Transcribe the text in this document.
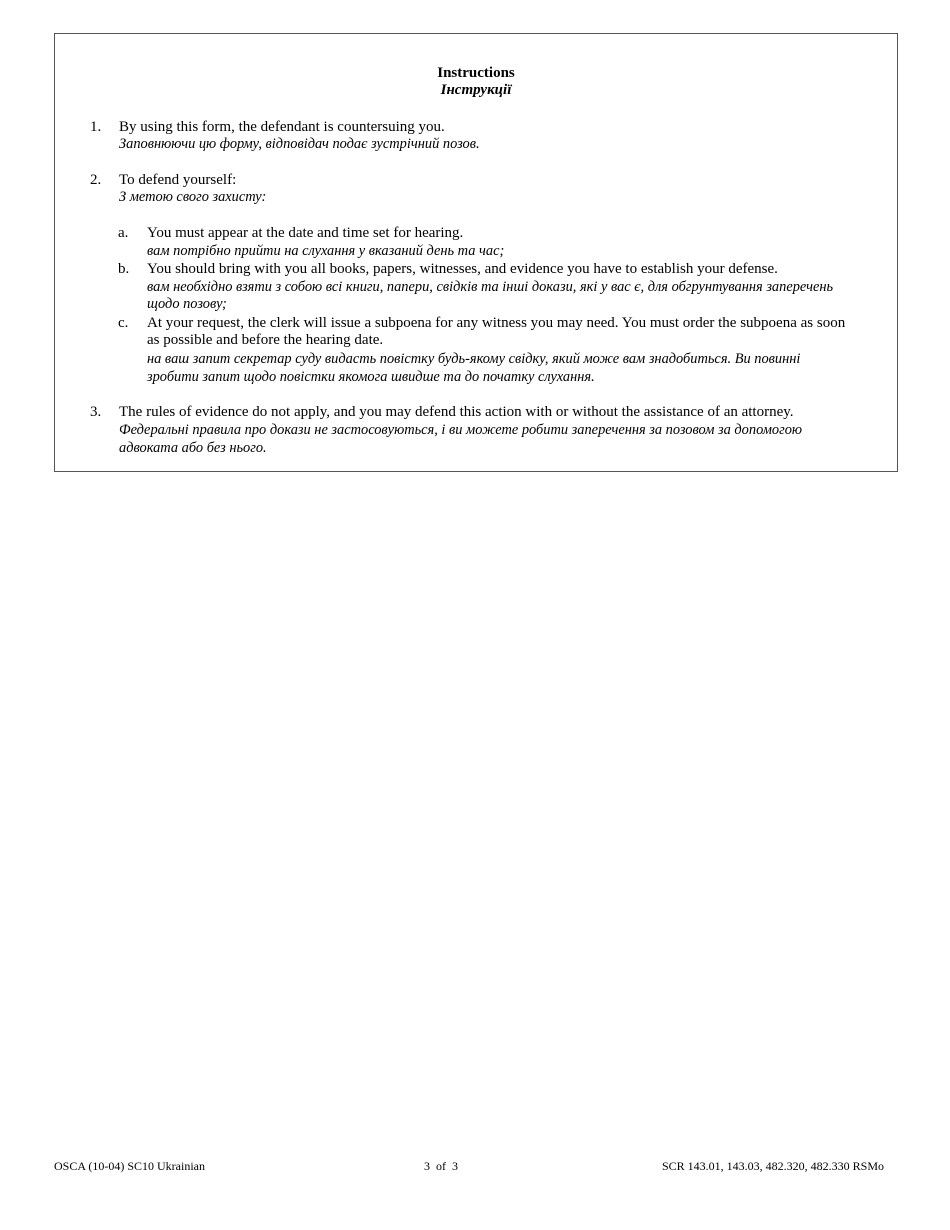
Instructions
Інструкції
1. By using this form, the defendant is countersuing you.
Заповнюючи цю форму, відповідач подає зустрічний позов.
2. To defend yourself:
З метою свого захисту:
a. You must appear at the date and time set for hearing.
вам потрібно прийти на слухання у вказаний день та час;
b. You should bring with you all books, papers, witnesses, and evidence you have to establish your defense.
вам необхідно взяти з собою всі книги, папери, свідків та інші докази, які у вас є, для обгрунтування заперечень
щодо позову;
c. At your request, the clerk will issue a subpoena for any witness you may need. You must order the subpoena as soon
as possible and before the hearing date.
на ваш запит секретар суду видасть повістку будь-якому свідку, який може вам знадобиться. Ви повинні
зробити запит щодо повістки якомога швидше та до початку слухання.
3. The rules of evidence do not apply, and you may defend this action with or without the assistance of an attorney.
Федеральні правила про докази не застосовуються, і ви можете робити заперечення за позовом за допомогою
адвоката або без нього.
OSCA (10-04) SC10 Ukrainian	3  of  3	SCR 143.01, 143.03, 482.320, 482.330 RSMo
